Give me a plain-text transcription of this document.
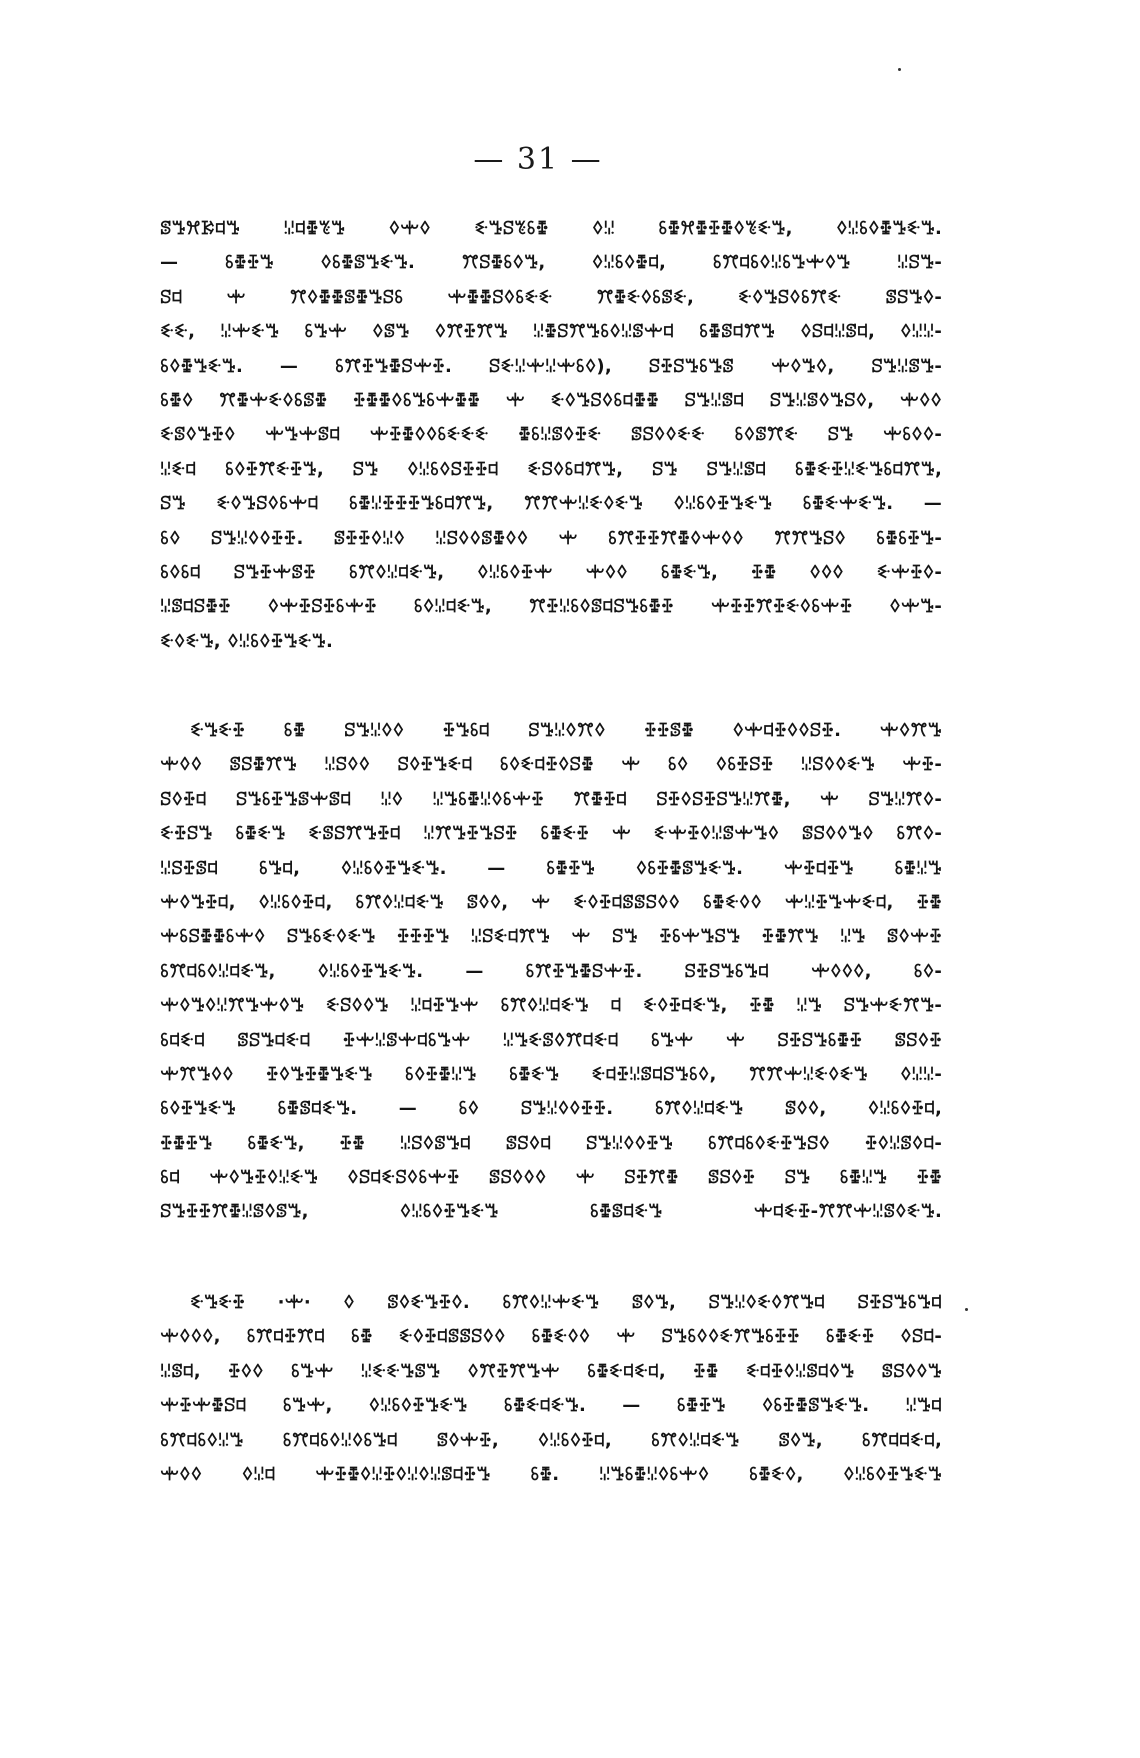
— 31 —
ꕷꔤꕮꗣꕼꔤ ꗹꕼꔁꔳꔤ ꕺꗻꕺ ꗩꔤꕶꔳꗏꔁ ꕺꗹ ꗏꔁꕮꔁꔀꔁꕺꔳꗩꔤ, ꕺꗹꗏꕺꔁꔤꗩꔤ.
— ꗏꔁꔀꔤ ꕺꗏꔁꕷꔤꗩꔤ. ꔫꕶꔁꗏꕺꔤ, ꕺꗹꗏꕺꔁꕼ, ꗏꔫꕼꗏꕺꗹꗏꔤꗻꕺꔤ ꗹꕶꔤ-
ꕶꕼ ꗻ ꔫꕺꔁꔁꕷꔁꔤꕶꗏ ꗻꔁꔁꕶꕺꗏꗩꗩ ꔫꔁꗩꕺꗏꕷꗩ, ꗩꕺꔤꕶꕺꗏꔫꗩ ꕷꕶꔤꕺ-
ꗩꗩ, ꗹꗻꗩꔤ ꗏꔤꗻ ꕺꕷꔤ ꕺꔫꔀꔫꔤ ꗹꔁꕶꔫꔤꗏꕺꗹꕷꗻꕼ ꗏꔁꕷꕼꔫꔤ ꕺꕶꕼꗹꕷꕼ, ꕺꗹꗹ-
ꗏꕺꔁꔤꗩꔤ. — ꗏꔫꔀꔤꔁꕶꗻꔀ. ꕶꗩꗹꗻꗹꗻꗏꕺ), ꕶꔀꕶꔤꗏꔤꕷ ꗻꕺꔤꕺ, ꕶꔤꗹꕷꔤ-
ꗏꔁꕺ ꔫꔁꗻꗩꕺꗏꕷꔁ ꔀꔁꔁꕺꗏꔤꗏꗻꔁꔁ ꗻ ꗩꕺꔤꕶꕺꗏꕼꔁꔁ ꕶꔤꗹꕷꕼ ꕶꔤꗹꕷꕺꔤꕶꕺ, ꗻꕺꕺ
ꗩꕷꕺꔤꔀꕺ ꗻꔤꗻꕷꕼ ꗻꔀꔁꕺꕺꗏꗩꗩꗩ ꔁꗏꗹꕷꕺꔀꗩ ꕷꕶꕺꕺꗩꗩ ꗏꕺꕷꔫꗩ ꕶꔤ ꗻꗏꕺꕺ-
ꗹꗩꕼ ꗏꕺꔀꔫꗩꔀꔤ, ꕶꔤ ꕺꗹꗏꕺꕶꔀꔀꕼ ꗩꕶꕺꗏꕼꔫꔤ, ꕶꔤ ꕶꔤꗹꕷꕼ ꗏꔁꗩꔀꗹꗩꔤꗏꕼꔫꔤ,
ꕶꔤ ꗩꕺꔤꕶꕺꗏꗻꕼ ꗏꔁꗹꔀꔀꔀꔤꗏꕼꔫꔤ, ꔫꔫꗻꗹꗩꕺꗩꔤ ꕺꗹꗏꕺꔀꔤꗩꔤ ꗏꔁꗩꗻꗩꔤ. —
ꗏꕺ ꕶꔤꗹꕺꕺꔀꔀ. ꕷꔀꔀꕺꗹꕺ ꗹꕶꕺꕺꕷꔁꕺꕺ ꗻ ꗏꔫꔀꔀꔫꔁꕺꗻꕺꕺ ꔫꔫꔤꕶꕺ ꗏꔁꗏꔀꔤ-
ꗏꕺꗏꕼ ꕶꔤꔀꗻꕷꔀ ꗏꔫꕺꗹꕼꗩꔤ, ꕺꗹꗏꕺꔀꗻ ꗻꕺꕺ ꗏꔁꗩꔤ, ꔀꔁ ꕺꕺꕺ ꗩꗻꔀꕺ-
ꗹꕷꕼꕶꔁꔀ ꕺꗻꔀꕶꔀꗏꗻꔀ ꗏꕺꗹꕼꗩꔤ, ꔫꔀꗹꗏꕺꕷꕼꕶꔤꗏꔁꔀ ꗻꔀꔀꔫꔀꗩꕺꗏꗻꔀ ꕺꗻꔤ-
ꗩꕺꗩꔤ, ꕺꗹꗏꕺꔀꔤꗩꔤ.
ꗩꔤꗩꔀ ꗏꔁ ꕶꔤꗹꕺꕺ ꔀꔤꗏꕼ ꕶꔤꗹꕺꔫꕺ ꔀꔀꕷꔁ ꕺꗻꕼꔀꕺꕺꕶꔀ. ꗻꕺꔫꔤ
ꗻꕺꕺ ꕷꕶꔁꔫꔤ ꗹꕶꕺꕺ ꕶꕺꔀꔤꗩꕼ ꗏꕺꗩꕼꔀꕺꕶꔁ ꗻ ꗏꕺ ꕺꗏꔀꕶꔀ ꗹꕶꕺꕺꗩꔤ ꗻꔀ-
ꕶꕺꔀꕼ ꕶꔤꗏꔀꔤꕷꗻꕷꕼ ꗹꕺ ꗹꔤꗏꔁꗹꕺꗏꗻꔀ ꔫꔁꔀꕼ ꕶꔀꕺꕶꔀꕶꔤꗹꔫꔁ, ꗻ ꕶꔤꗹꔫꕺ-
ꗩꔀꕶꔤ ꗏꔁꗩꔤ ꗩꕷꕶꔫꔤꔀꕼ ꗹꔫꔤꔀꔤꕶꔀ ꗏꔁꗩꔀ ꗻ ꗩꗻꔀꕺꗹꕷꗻꔤꕺ ꕷꕶꕺꕺꔤꕺ ꗏꔫꕺ-
ꗹꕶꔀꕷꕼ ꗏꔤꕼ, ꕺꗹꗏꕺꔀꔤꗩꔤ. — ꗏꔁꔀꔤ ꕺꗏꔀꔁꕷꔤꗩꔤ. ꗻꔀꕼꔀꔤ ꗏꔁꗹꔤ
ꗻꕺꔤꔀꕼ, ꕺꗹꗏꕺꔀꕼ, ꗏꔫꕺꗹꕼꗩꔤ ꕷꕺꕺ, ꗻ ꗩꕺꔀꕼꕷꕷꕶꕺꕺ ꗏꔁꗩꕺꕺ ꗻꗹꔀꔤꗻꗩꕼ, ꔀꔁ
ꗻꗏꕶꔁꔁꗏꗻꕺ ꕶꔤꗏꗩꕺꗩꔤ ꔀꔀꔀꔤ ꗹꕶꗩꕼꔫꔤ ꗻ ꕶꔤ ꔀꗏꗻꔤꕶꔤ ꔀꔁꔫꔤ ꗹꔤ ꕷꕺꗻꔀ
ꗏꔫꕼꗏꕺꗹꕼꗩꔤ, ꕺꗹꗏꕺꔀꔤꗩꔤ. — ꗏꔫꔀꔤꔁꕶꗻꔀ. ꕶꔀꕶꔤꗏꔤꕼ ꗻꕺꕺꕺ, ꗏꕺ-
ꗻꕺꔤꕺꗹꔫꔤꗻꕺꔤ ꗩꕶꕺꕺꔤ ꗹꕼꔀꔤꗻ ꗏꔫꕺꗹꕼꗩꔤ ꕼ ꗩꕺꔀꕼꗩꔤ, ꔀꔁ ꗹꔤ ꕶꔤꗻꗩꔫꔤ-
ꗏꕼꗩꕼ ꕷꕶꔤꕼꗩꕼ ꔀꗻꗹꕷꗻꕼꗏꔤꗻ ꗹꔤꗩꕷꕺꔫꕼꗩꕼ ꗏꔤꗻ ꗻ ꕶꔀꕶꔤꗏꔁꔀ ꕷꕶꕺꔀ
ꗻꔫꔤꕺꕺ ꔀꕺꔤꔀꔁꔤꗩꔤ ꗏꕺꔀꔁꗹꔤ ꗏꔁꗩꔤ ꗩꕼꔀꗹꕷꕼꕶꔤꗏꕺ, ꔫꔫꗻꗹꗩꕺꗩꔤ ꕺꗹꗹ-
ꗏꕺꔀꔤꗩꔤ ꗏꔁꕷꕼꗩꔤ. — ꗏꕺ ꕶꔤꗹꕺꕺꔀꔀ. ꗏꔫꕺꗹꕼꗩꔤ ꕷꕺꕺ, ꕺꗹꗏꕺꔀꕼ,
ꔀꔁꔀꔤ ꗏꔁꗩꔤ, ꔀꔁ ꗹꕶꕺꕷꔤꕼ ꕷꕶꕺꕼ ꕶꔤꗹꕺꕺꔀꔤ ꗏꔫꕼꗏꕺꗩꔀꔤꕶꕺ ꔀꕺꗹꕷꕺꕼ-
ꗏꕼ ꗻꕺꔤꔀꕺꗹꗩꔤ ꕺꕶꕼꗩꕶꕺꗏꗻꔀ ꕷꕶꕺꕺꕺ ꗻ ꕶꔀꔫꔁ ꕷꕶꕺꔀ ꕶꔤ ꗏꔁꗹꔤ ꔀꔁ
ꕶꔤꔀꔀꔫꔁꗹꕷꕺꕷꔤ, ꕺꗹꗏꕺꔀꔤꗩꔤ ꗏꔁꕷꕼꗩꔤ ꗻꕼꗩꔀ-ꔫꔫꗻꗹꕷꕺꗩꔤ.
ꗩꔤꗩꔀ ·ꗻ· ꕺ ꕷꕺꗩꔤꔀꕺ. ꗏꔫꕺꗹꗻꗩꔤ ꕷꕺꔤ, ꕶꔤꗹꕺꗩꕺꔫꔤꕼ ꕶꔀꕶꔤꗏꔤꕼ
ꗻꕺꕺꕺ, ꗏꔫꕼꔀꔫꕼ ꗏꔁ ꗩꕺꔀꕼꕷꕷꕶꕺꕺ ꗏꔁꗩꕺꕺ ꗻ ꕶꔤꗏꕺꕺꗩꔫꔤꗏꔀꔀ ꗏꔁꗩꔀ ꕺꕶꕼ-
ꗹꕷꕼ, ꔀꕺꕺ ꗏꔤꗻ ꗹꗩꗩꔤꕷꔤ ꕺꔫꔀꔫꔤꗻ ꗏꔁꗩꕼꗩꕼ, ꔀꔁ ꗩꕼꔀꕺꗹꕷꕼꕺꔤ ꕷꕶꕺꕺꔤ
ꗻꔀꗻꔁꕶꕼ ꗏꔤꗻ, ꕺꗹꗏꕺꔀꔤꗩꔤ ꗏꔁꗩꕼꗩꔤ. — ꗏꔁꔀꔤ ꕺꗏꔀꔁꕷꔤꗩꔤ. ꗹꔤꕼ
ꗏꔫꕼꗏꕺꗹꔤ ꗏꔫꕼꗏꕺꗹꕺꗏꔤꕼ ꕷꕺꗻꔀ, ꕺꗹꗏꕺꔀꕼ, ꗏꔫꕺꗹꕼꗩꔤ ꕷꕺꔤ, ꗏꔫꕼꕼꗩꕼ,
ꗻꕺꕺ ꕺꗹꕼ ꗻꔀꔁꕺꗹꔀꕺꗹꕺꗹꕷꕼꔀꔤ ꗏꔁ. ꗹꔤꗏꔁꗹꕺꗏꗻꕺ ꗏꔁꗩꕺ, ꕺꗹꗏꕺꔀꔤꗩꔤ
